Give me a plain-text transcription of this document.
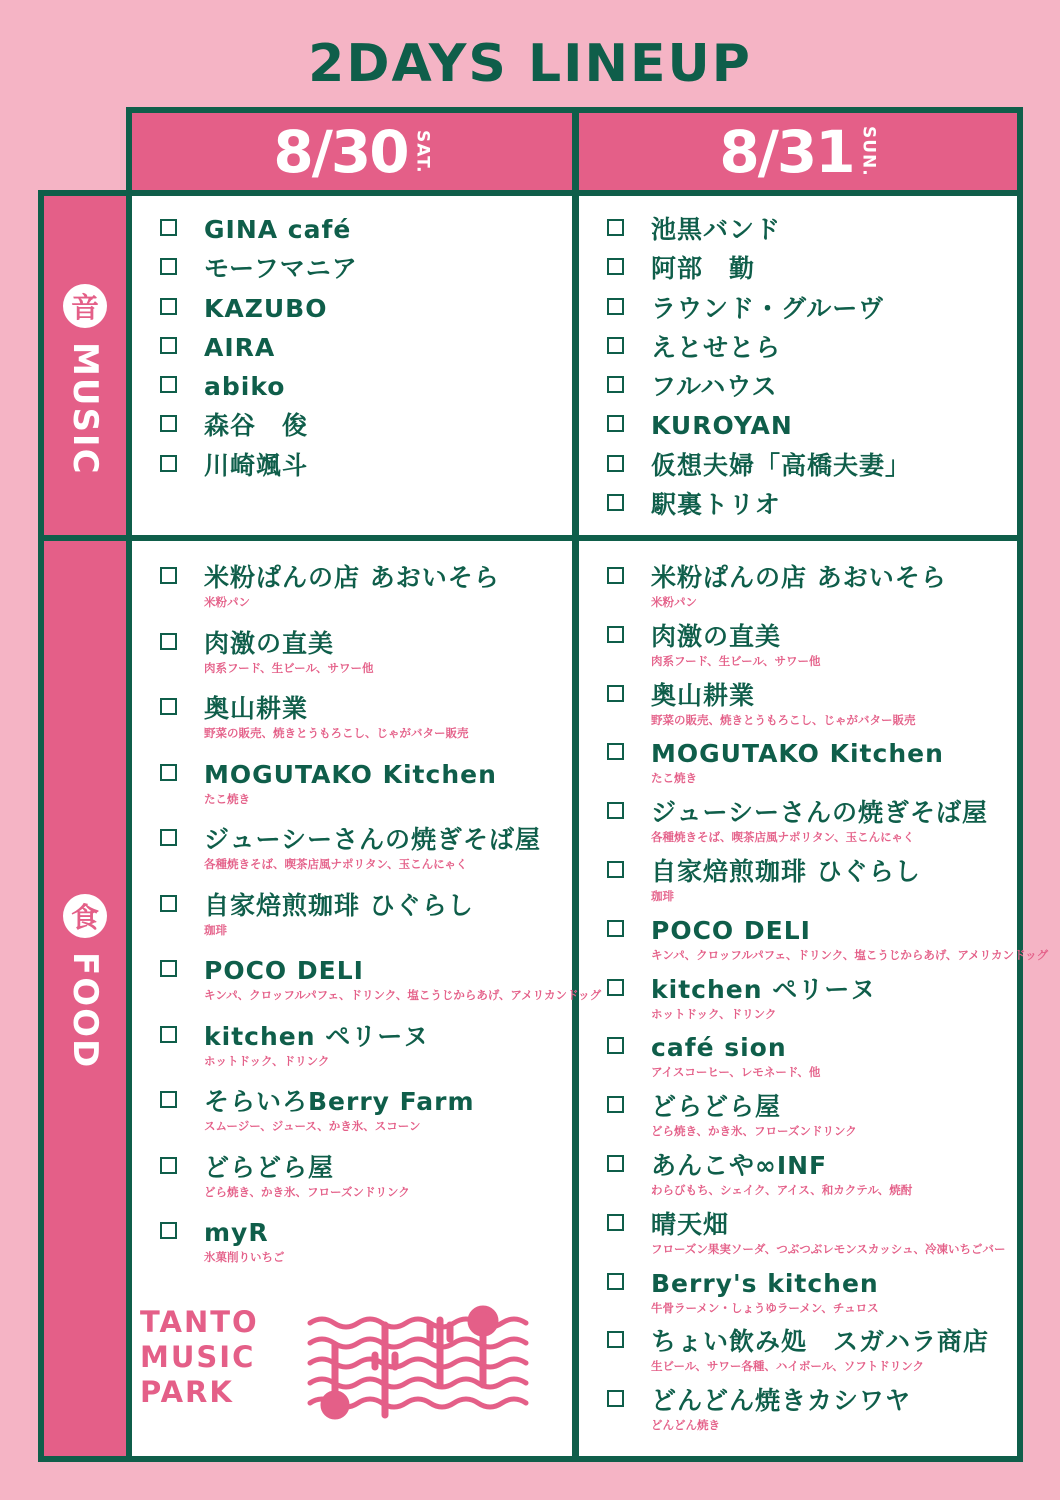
2DAYS LINEUP
8/30 SAT.	8/31 SUN.
音
MUSIC
食
FOOD
GINA café
モーフマニア
KAZUBO
AIRA
abiko
森谷　俊
川崎颯斗
池黒バンド
阿部　勤
ラウンド・グルーヴ
えとせとら
フルハウス
KUROYAN
仮想夫婦「高橋夫妻」
駅裏トリオ
米粉ぱんの店 あおいそら
米粉パン
肉激の直美
肉系フード、生ビール、サワー他
奥山耕業
野菜の販売、焼きとうもろこし、じゃがバター販売
MOGUTAKO Kitchen
たこ焼き
ジューシーさんの焼ぎそば屋
各種焼きそば、喫茶店風ナポリタン、玉こんにゃく
自家焙煎珈琲 ひぐらし
珈琲
POCO DELI
キンパ、クロッフルパフェ、ドリンク、塩こうじからあげ、アメリカンドッグ
kitchen ペリーヌ
ホットドック、ドリンク
そらいろBerry Farm
スムージー、ジュース、かき氷、スコーン
どらどら屋
どら焼き、かき氷、フローズンドリンク
myR
氷菓削りいちご
米粉ぱんの店 あおいそら
米粉パン
肉激の直美
肉系フード、生ビール、サワー他
奥山耕業
野菜の販売、焼きとうもろこし、じゃがバター販売
MOGUTAKO Kitchen
たこ焼き
ジューシーさんの焼ぎそば屋
各種焼きそば、喫茶店風ナポリタン、玉こんにゃく
自家焙煎珈琲 ひぐらし
珈琲
POCO DELI
キンパ、クロッフルパフェ、ドリンク、塩こうじからあげ、アメリカンドッグ
kitchen ペリーヌ
ホットドック、ドリンク
café sion
アイスコーヒー、レモネード、他
どらどら屋
どら焼き、かき氷、フローズンドリンク
あんこや∞INF
わらびもち、シェイク、アイス、和カクテル、焼酎
晴天畑
フローズン果実ソーダ、つぶつぶレモンスカッシュ、冷凍いちごバー
Berry's kitchen
牛骨ラーメン・しょうゆラーメン、チュロス
ちょい飲み処　スガハラ商店
生ビール、サワー各種、ハイボール、ソフトドリンク
どんどん焼きカシワヤ
どんどん焼き
TANTO
MUSIC
PARK
